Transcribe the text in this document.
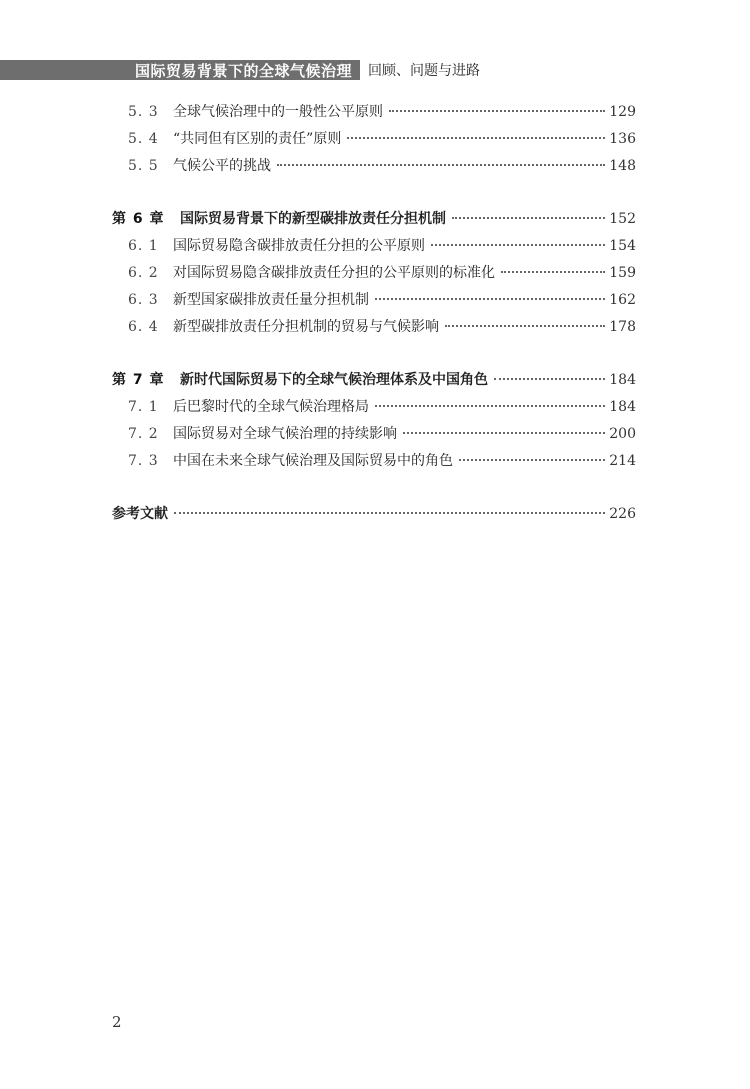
国际贸易背景下的全球气候治理	回顾、问题与进路
5. 3	全球气候治理中的一般性公平原则	129
5. 4	“共同但有区别的责任”原则	136
5. 5	气候公平的挑战	148
第 6 章	国际贸易背景下的新型碳排放责任分担机制	152
6. 1	国际贸易隐含碳排放责任分担的公平原则	154
6. 2	对国际贸易隐含碳排放责任分担的公平原则的标准化	159
6. 3	新型国家碳排放责任量分担机制	162
6. 4	新型碳排放责任分担机制的贸易与气候影响	178
第 7 章	新时代国际贸易下的全球气候治理体系及中国角色	184
7. 1	后巴黎时代的全球气候治理格局	184
7. 2	国际贸易对全球气候治理的持续影响	200
7. 3	中国在未来全球气候治理及国际贸易中的角色	214
参考文献	226
2
